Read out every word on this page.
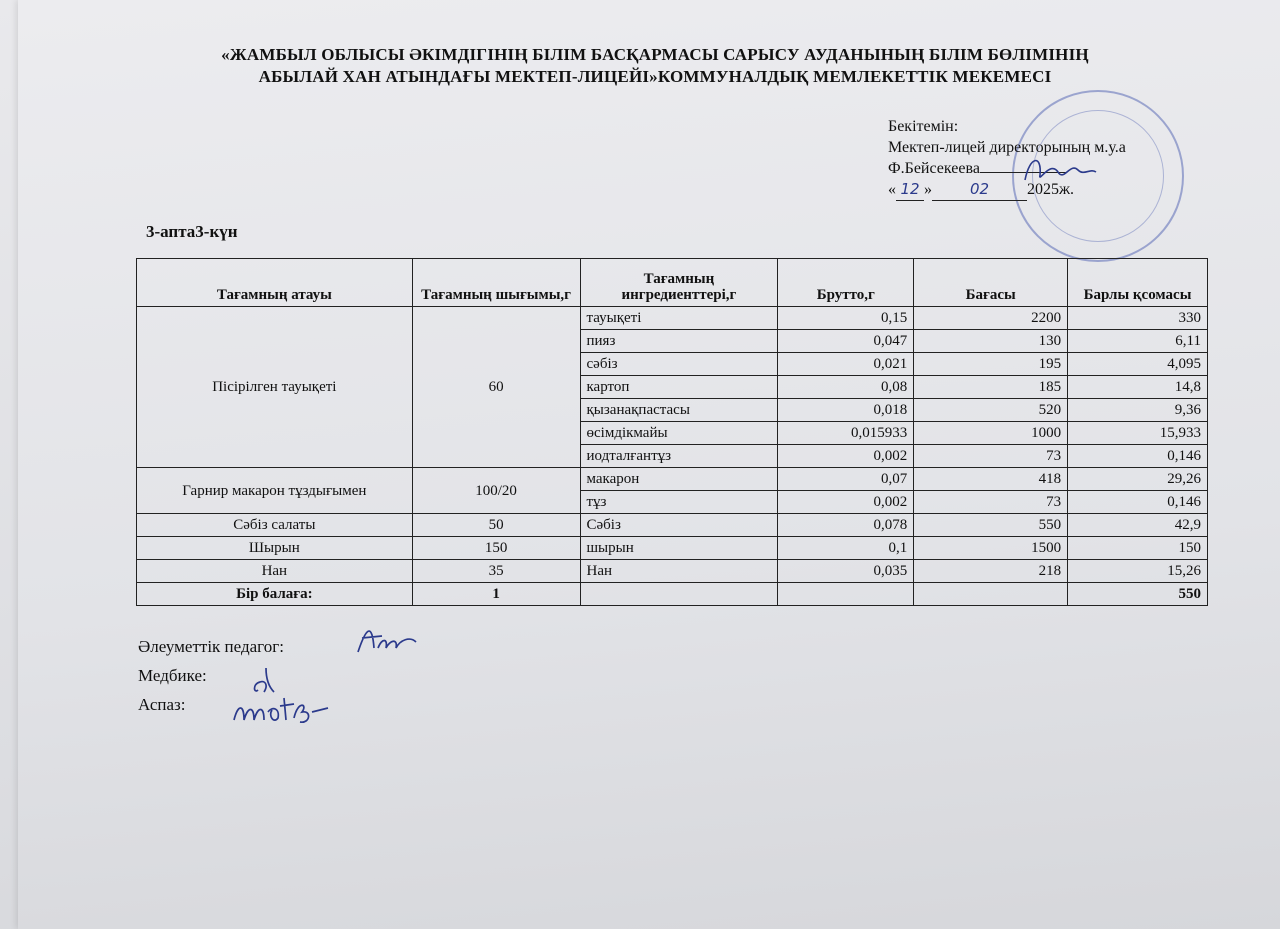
«ЖАМБЫЛ ОБЛЫСЫ ӘКІМДІГІНІҢ БІЛІМ БАСҚАРМАСЫ САРЫСУ АУДАНЫНЫҢ БІЛІМ БӨЛІМІНІҢ
АБЫЛАЙ ХАН АТЫНДАҒЫ МЕКТЕП-ЛИЦЕЙІ»КОММУНАЛДЫҚ МЕМЛЕКЕТТІК МЕКЕМЕСІ
Бекітемін:
Мектеп-лицей директорының м.у.а
Ф.Бейсекеева
« 12 »	02 2025ж.
3-апта3-күн
Тағамның атауы	Тағамның шығымы,г	Тағамның ингредиенттері,г	Брутто,г	Бағасы	Барлы қсомасы
Пісірілген тауықеті	60	тауықеті	0,15	2200	330
		пияз	0,047	130	6,11
		сәбіз	0,021	195	4,095
		картоп	0,08	185	14,8
		қызанақпастасы	0,018	520	9,36
		өсімдікмайы	0,015933	1000	15,933
		иодталғантұз	0,002	73	0,146
Гарнир макарон тұздығымен	100/20	макарон	0,07	418	29,26
		тұз	0,002	73	0,146
Сәбіз салаты	50	Сәбіз	0,078	550	42,9
Шырын	150	шырын	0,1	1500	150
Нан	35	Нан	0,035	218	15,26
Бір балаға:	1				550
Әлеуметтік педагог:
Медбике:
Аспаз:
